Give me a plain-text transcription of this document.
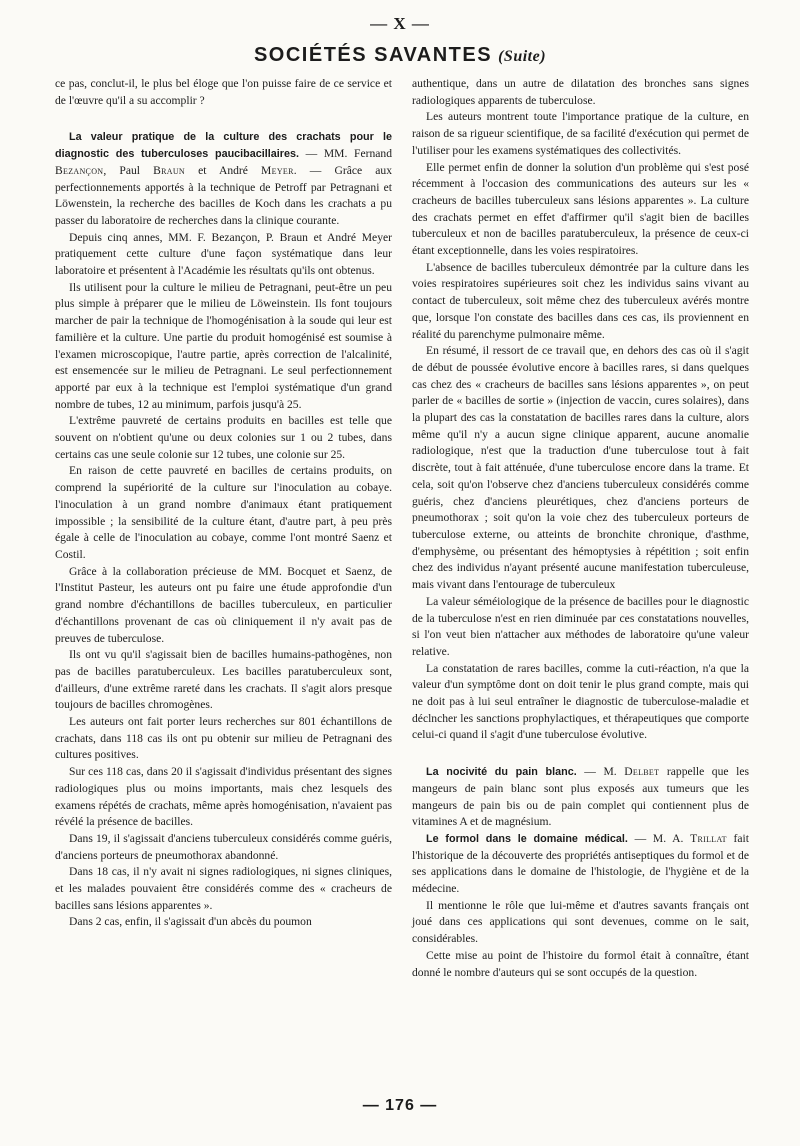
— X —
SOCIÉTÉS SAVANTES (Suite)

ce pas, conclut-il, le plus bel éloge que l'on puisse faire de ce service et de l'œuvre qu'il a su accomplir ?

La valeur pratique de la culture des crachats pour le diagnostic des tuberculoses paucibacillaires. — MM. Fernand Bezançon, Paul Braun et André Meyer. — Grâce aux perfectionnements apportés à la technique de Petroff par Petragnani et Löwenstein, la recherche des bacilles de Koch dans les crachats a pu passer du laboratoire de recherches dans la clinique courante.

Depuis cinq annes, MM. F. Bezançon, P. Braun et André Meyer pratiquement cette culture d'une façon systématique dans leur laboratoire et présentent à l'Académie les résultats qu'ils ont obtenus.

Ils utilisent pour la culture le milieu de Petragnani, peut-être un peu plus simple à préparer que le milieu de Löweinstein. Ils font toujours marcher de pair la technique de l'homogénisation à la soude qui leur est familière et la culture. Une partie du produit homogénisé est soumise à l'examen microscopique, l'autre partie, après correction de l'alcalinité, est ensemencée sur le milieu de Petragnani. Le seul perfectionnement apporté par eux à la technique est l'emploi systématique d'un grand nombre de tubes, 12 au minimum, parfois jusqu'à 25.

L'extrême pauvreté de certains produits en bacilles est telle que souvent on n'obtient qu'une ou deux colonies sur 1 ou 2 tubes, dans certains cas une seule colonie sur 12 tubes, une colonie sur 25.

En raison de cette pauvreté en bacilles de certains produits, on comprend la supériorité de la culture sur l'inoculation au cobaye. l'inoculation à un grand nombre d'animaux étant pratiquement impossible ; la sensibilité de la culture étant, d'autre part, à peu près égale à celle de l'inoculation au cobaye, comme l'ont montré Saenz et Costil.

Grâce à la collaboration précieuse de MM. Bocquet et Saenz, de l'Institut Pasteur, les auteurs ont pu faire une étude approfondie d'un grand nombre d'échantillons de bacilles tuberculeux, en particulier d'échantillons provenant de cas où cliniquement il n'y avait pas de preuves de tuberculose.

Ils ont vu qu'il s'agissait bien de bacilles humains-pathogènes, non pas de bacilles paratuberculeux. Les bacilles paratuberculeux sont, d'ailleurs, d'une extrême rareté dans les crachats. Il s'agit alors presque toujours de bacilles chromogènes.

Les auteurs ont fait porter leurs recherches sur 801 échantillons de crachats, dans 118 cas ils ont pu obtenir sur milieu de Petragnani des cultures positives.

Sur ces 118 cas, dans 20 il s'agissait d'individus présentant des signes radiologiques plus ou moins importants, mais chez lesquels des examens répétés de crachats, même après homogénisation, n'avaient pas révélé la présence de bacilles.

Dans 19, il s'agissait d'anciens tuberculeux considérés comme guéris, d'anciens porteurs de pneumothorax abandonné.

Dans 18 cas, il n'y avait ni signes radiologiques, ni signes cliniques, et les malades pouvaient être considérés comme des « cracheurs de bacilles sans lésions apparentes ».

Dans 2 cas, enfin, il s'agissait d'un abcès du poumon

authentique, dans un autre de dilatation des bronches sans signes radiologiques apparents de tuberculose.

Les auteurs montrent toute l'importance pratique de la culture, en raison de sa rigueur scientifique, de sa facilité d'exécution qui permet de l'utiliser pour les examens systématiques des collectivités.

Elle permet enfin de donner la solution d'un problème qui s'est posé récemment à l'occasion des communications des auteurs sur les « cracheurs de bacilles tuberculeux sans lésions apparentes ». La culture des crachats permet en effet d'affirmer qu'il s'agit bien de bacilles tuberculeux et non de bacilles paratuberculeux, la présence de ceux-ci étant exceptionnelle, dans les voies respiratoires.

L'absence de bacilles tuberculeux démontrée par la culture dans les voies respiratoires supérieures soit chez les individus sains vivant au contact de tuberculeux, soit même chez des tuberculeux avérés montre que, lorsque l'on constate des bacilles dans ces cas, ils proviennent en réalité du parenchyme pulmonaire même.

En résumé, il ressort de ce travail que, en dehors des cas où il s'agit de début de poussée évolutive encore à bacilles rares, si dans quelques cas chez des « cracheurs de bacilles sans lésions apparentes », on peut parler de « bacilles de sortie » (injection de vaccin, cures solaires), dans la plupart des cas la constatation de bacilles rares dans la culture, alors même qu'il n'y a aucun signe clinique apparent, aucune anomalie radiologique, n'est que la traduction d'une tuberculose tout à fait discrète, tout à fait atténuée, d'une tuberculose encore dans la trame. Et cela, soit qu'on l'observe chez d'anciens tuberculeux considérés comme guéris, chez d'anciens pleurétiques, chez d'anciens porteurs de pneumothorax ; soit qu'on la voie chez des tuberculeux porteurs de tuberculose externe, ou atteints de bronchite chronique, d'asthme, d'emphysème, ou présentant des hémoptysies à répétition ; soit enfin chez des individus n'ayant présenté aucune manifestation tuberculeuse, mais vivant dans l'entourage de tuberculeux

La valeur séméiologique de la présence de bacilles pour le diagnostic de la tuberculose n'est en rien diminuée par ces constatations nouvelles, si l'on veut bien n'attacher aux méthodes de laboratoire qu'une valeur relative.

La constatation de rares bacilles, comme la cuti-réaction, n'a que la valeur d'un symptôme dont on doit tenir le plus grand compte, mais qui ne doit pas à lui seul entraîner le diagnostic de tuberculose-maladie et déclncher les sanctions prophylactiques, et thérapeutiques que comporte celui-ci quand il s'agit d'une tuberculose évolutive.

La nocivité du pain blanc. — M. Delbet rappelle que les mangeurs de pain blanc sont plus exposés aux tumeurs que les mangeurs de pain bis ou de pain complet qui contiennent plus de vitamines A et de magnésium.

Le formol dans le domaine médical. — M. A. Trillat fait l'historique de la découverte des propriétés antiseptiques du formol et de ses applications dans le domaine de l'histologie, de l'hygiène et de la médecine.

Il mentionne le rôle que lui-même et d'autres savants français ont joué dans ces applications qui sont devenues, comme on le sait, considérables.

Cette mise au point de l'histoire du formol était à connaître, étant donné le nombre d'auteurs qui se sont occupés de la question.

— 176 —
